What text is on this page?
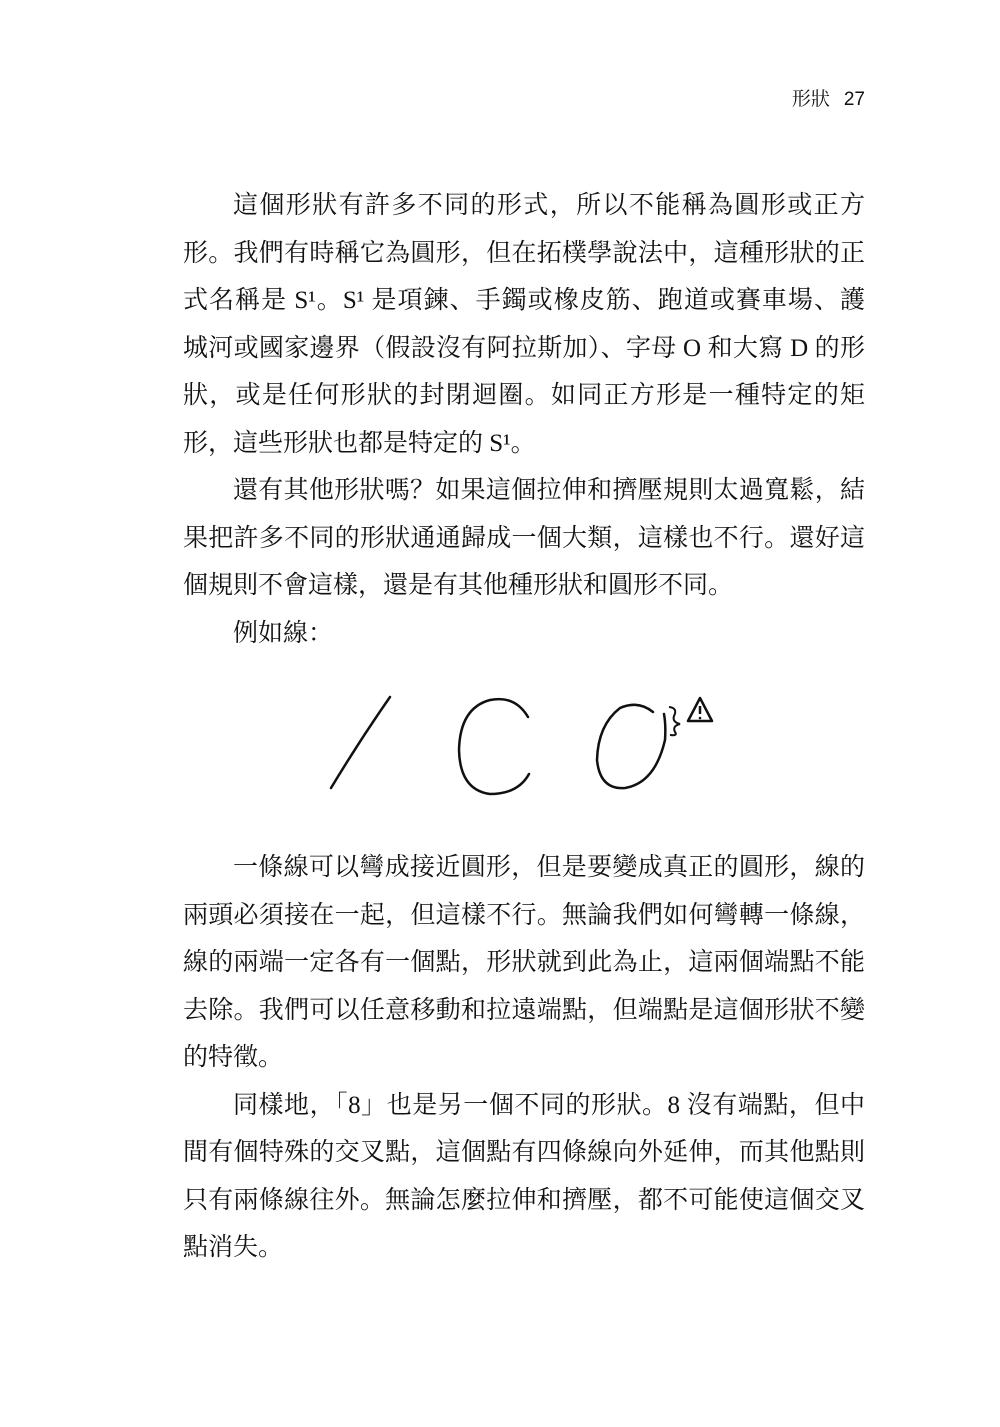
形狀 27
這個形狀有許多不同的形式，所以不能稱為圓形或正方
形。我們有時稱它為圓形，但在拓樸學說法中，這種形狀的正
式名稱是 S¹。S¹ 是項鍊、手鐲或橡皮筋、跑道或賽車場、護
城河或國家邊界（假設沒有阿拉斯加）、字母 O 和大寫 D 的形
狀，或是任何形狀的封閉迴圈。如同正方形是一種特定的矩
形，這些形狀也都是特定的 S¹。
還有其他形狀嗎？如果這個拉伸和擠壓規則太過寬鬆，結
果把許多不同的形狀通通歸成一個大類，這樣也不行。還好這
個規則不會這樣，還是有其他種形狀和圓形不同。
例如線：
一條線可以彎成接近圓形，但是要變成真正的圓形，線的
兩頭必須接在一起，但這樣不行。無論我們如何彎轉一條線，
線的兩端一定各有一個點，形狀就到此為止，這兩個端點不能
去除。我們可以任意移動和拉遠端點，但端點是這個形狀不變
的特徵。
同樣地，「8」也是另一個不同的形狀。8 沒有端點，但中
間有個特殊的交叉點，這個點有四條線向外延伸，而其他點則
只有兩條線往外。無論怎麼拉伸和擠壓，都不可能使這個交叉
點消失。
